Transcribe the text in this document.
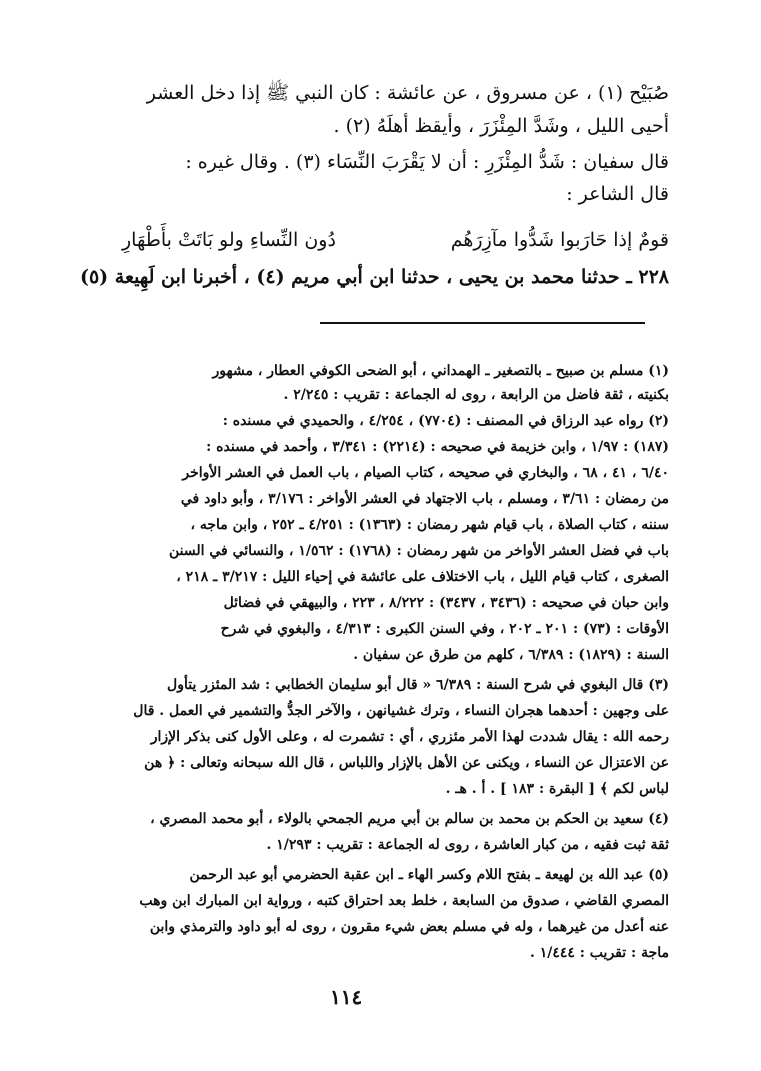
صُبَيْح (١) ، عن مسروق ، عن عائشة : كان النبي ﷺ إذا دخل العشر
أحيى الليل ، وشَدَّ المِئْزَرَ ، وأيقظ أهلَهُ (٢) .
قال سفيان : شَدُّ المِئْزَرِ : أن لا يَقْرَبَ النِّسَاء (٣) . وقال غيره :
قال الشاعر :
قومٌ إذا حَارَبوا شَدُّوا مآزِرَهُم
دُون النِّساءِ ولو بَاتَتْ بأَطْهَارِ
٢٢٨ ـ حدثنا محمد بن يحيى ، حدثنا ابن أبي مريم (٤) ، أخبرنا ابن لَهِيعة (٥)
(١) مسلم بن صبيح ـ بالتصغير ـ الهمداني ، أبو الضحى الكوفي العطار ، مشهور
بكنيته ، ثقة فاضل من الرابعة ، روى له الجماعة : تقريب : ٢/٢٤٥ .
(٢) رواه عبد الرزاق في المصنف : (٧٧٠٤) ، ٤/٢٥٤ ، والحميدي في مسنده :
(١٨٧) : ١/٩٧ ، وابن خزيمة في صحيحه : (٢٢١٤) : ٣/٣٤١ ، وأحمد في مسنده :
٦/٤٠ ، ٤١ ، ٦٨ ، والبخاري في صحيحه ، كتاب الصيام ، باب العمل في العشر الأواخر
من رمضان : ٣/٦١ ، ومسلم ، باب الاجتهاد في العشر الأواخر : ٣/١٧٦ ، وأبو داود في
سننه ، كتاب الصلاة ، باب قيام شهر رمضان : (١٣٦٣) : ٤/٢٥١ ـ ٢٥٢ ، وابن ماجه ،
باب في فضل العشر الأواخر من شهر رمضان : (١٧٦٨) : ١/٥٦٢ ، والنسائي في السنن
الصغرى ، كتاب قيام الليل ، باب الاختلاف على عائشة في إحياء الليل : ٣/٢١٧ ـ ٢١٨ ،
وابن حبان في صحيحه : (٣٤٣٦ ، ٣٤٣٧) : ٨/٢٢٢ ، ٢٢٣ ، والبيهقي في فضائل
الأوقات : (٧٣) : ٢٠١ ـ ٢٠٢ ، وفي السنن الكبرى : ٤/٣١٣ ، والبغوي في شرح
السنة : (١٨٢٩) : ٦/٣٨٩ ، كلهم من طرق عن سفيان .
(٣) قال البغوي في شرح السنة : ٦/٣٨٩ « قال أبو سليمان الخطابي : شد المئزر يتأول
على وجهين : أحدهما هجران النساء ، وترك غشيانهن ، والآخر الجدُّ والتشمير في العمل . قال
رحمه الله : يقال شددت لهذا الأمر مئزري ، أي : تشمرت له ، وعلى الأول كنى بذكر الإزار
عن الاعتزال عن النساء ، ويكنى عن الأهل بالإزار واللباس ، قال الله سبحانه وتعالى : ﴿ هن
لباس لكم ﴾ [ البقرة : ١٨٣ ] . أ . هـ .
(٤) سعيد بن الحكم بن محمد بن سالم بن أبي مريم الجمحي بالولاء ، أبو محمد المصري ،
ثقة ثبت فقيه ، من كبار العاشرة ، روى له الجماعة : تقريب : ١/٢٩٣ .
(٥) عبد الله بن لهيعة ـ بفتح اللام وكسر الهاء ـ ابن عقبة الحضرمي أبو عبد الرحمن
المصري القاضي ، صدوق من السابعة ، خلط بعد احتراق كتبه ، ورواية ابن المبارك ابن وهب
عنه أعدل من غيرهما ، وله في مسلم بعض شيء مقرون ، روى له أبو داود والترمذي وابن
ماجة : تقريب : ١/٤٤٤ .
١١٤
